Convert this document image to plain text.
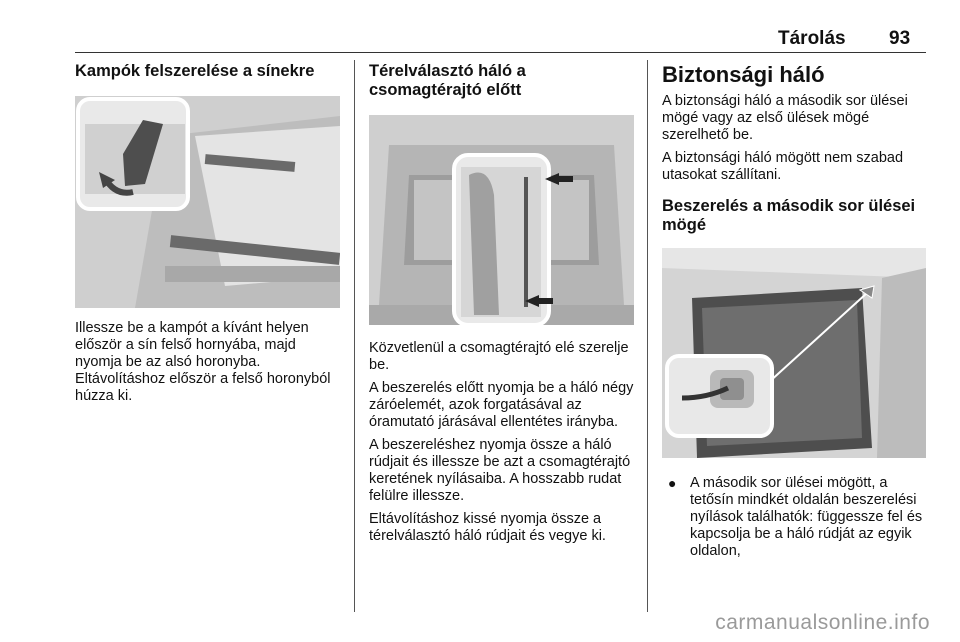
Tárolás 93
Kampók felszerelése a sínekre

Illessze be a kampót a kívánt helyen először a sín felső hornyába, majd nyomja be az alsó horonyba. Eltávolításhoz először a felső horonyból húzza ki.

Térelválasztó háló a csomagtérajtó előtt

Közvetlenül a csomagtérajtó elé szerelje be.

A beszerelés előtt nyomja be a háló négy záróelemét, azok forgatásával az óramutató járásával ellentétes irányba.

A beszereléshez nyomja össze a háló rúdjait és illessze be azt a csomagtérajtó keretének nyílásaiba. A hosszabb rudat felülre illessze.

Eltávolításhoz kissé nyomja össze a térelválasztó háló rúdjait és vegye ki.

Biztonsági háló

A biztonsági háló a második sor ülései mögé vagy az első ülések mögé szerelhető be.

A biztonsági háló mögött nem szabad utasokat szállítani.

Beszerelés a második sor ülései mögé
● A második sor ülései mögött, a tetősín mindkét oldalán beszerelési nyílások találhatók: függessze fel és kapcsolja be a háló rúdját az egyik oldalon,

carmanualsonline.info
